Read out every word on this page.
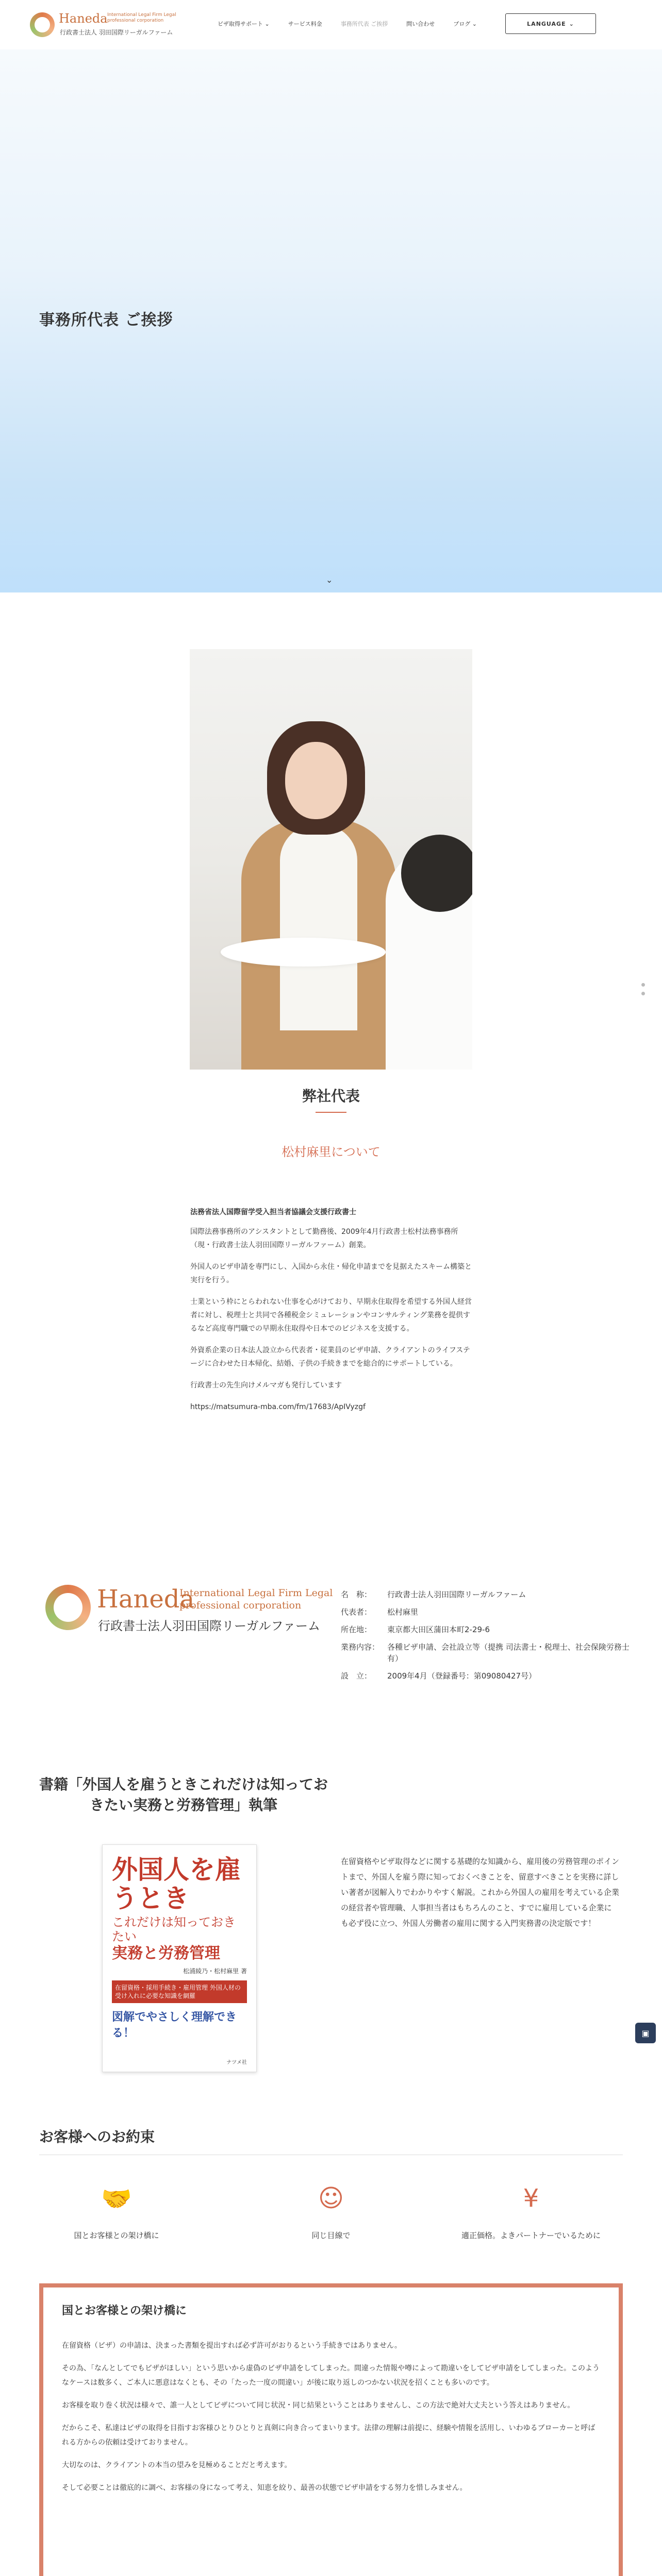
Haneda International Legal Firm Legal professional corporation
行政書士法人 羽田国際リーガルファーム
ビザ取得サポート ⌄	サービス料金	事務所代表 ご挨拶	問い合わせ	ブログ ⌄	LANGUAGE ⌄
事務所代表 ご挨拶
⌄
弊社代表
松村麻里について

法務省法人国際留学受入担当者協議会支援行政書士

国際法務事務所のアシスタントとして勤務後、2009年4月行政書士松村法務事務所（現・行政書士法人羽田国際リーガルファーム）創業。

外国人のビザ申請を専門にし、入国から永住・帰化申請までを見据えたスキーム構築と実行を行う。

士業という枠にとらわれない仕事を心がけており、早期永住取得を希望する外国人経営者に対し、税理士と共同で各種税金シミュレーションやコンサルティング業務を提供するなど高度専門職での早期永住取得や日本でのビジネスを支援する。

外資系企業の日本法人設立から代表者・従業員のビザ申請、クライアントのライフステージに合わせた日本帰化、結婚、子供の手続きまでを総合的にサポートしている。

行政書士の先生向けメルマガも発行しています

https://matsumura-mba.com/fm/17683/ApIVyzgf

Haneda
International Legal Firm Legal professional corporation
行政書士法人羽田国際リーガルファーム
名　称：	行政書士法人羽田国際リーガルファーム
代表者：	松村麻里
所在地：	東京都大田区蒲田本町2-29-6
業務内容： 各種ビザ申請、会社設立等（提携 司法書士・税理士、社会保険労務士有）
設　立：	2009年4月（登録番号：第09080427号）
書籍「外国人を雇うときこれだけは知っておきたい実務と労務管理」執筆
外国人を雇うとき
これだけは知っておきたい
実務と労務管理
松浦綾乃・松村麻里 著
在留資格・採用手続き・雇用管理 外国人材の受け入れに必要な知識を網羅
図解でやさしく理解できる！
ナツメ社
在留資格やビザ取得などに関する基礎的な知識から、雇用後の労務管理のポイントまで、外国人を雇う際に知っておくべきことを、留意すべきことを実務に詳しい著者が図解入りでわかりやすく解説。これから外国人の雇用を考えている企業の経営者や管理職、人事担当者はもちろんのこと、すでに雇用している企業にも必ず役に立つ、外国人労働者の雇用に関する入門実務書の決定版です！
▣
お客様へのお約束
🤝
国とお客様との架け橋に
☺
同じ目線で
¥
適正価格。よきパートナーでいるために
国とお客様との架け橋に

在留資格（ビザ）の申請は、決まった書類を提出すれば必ず許可がおりるという手続きではありません。

その為、「なんとしてでもビザがほしい」という思いから虚偽のビザ申請をしてしまった。間違った情報や噂によって勘違いをしてビザ申請をしてしまった。このようなケースは数多く、ご本人に悪意はなくとも、その「たった一度の間違い」が後に取り返しのつかない状況を招くことも多いのです。

お客様を取り巻く状況は様々で、誰一人としてビザについて同じ状況・同じ結果ということはありませんし、この方法で絶対大丈夫という答えはありません。

だからこそ、私達はビザの取得を目指すお客様ひとりひとりと真剣に向き合ってまいります。法律の理解は前提に、経験や情報を活用し、いわゆるブローカーと呼ばれる方からの依頼は受けておりません。

大切なのは、クライアントの本当の望みを見極めることだと考えます。

そして必要ことは徹底的に調べ、お客様の身になって考え、知恵を絞り、最善の状態でビザ申請をする努力を惜しみません。
